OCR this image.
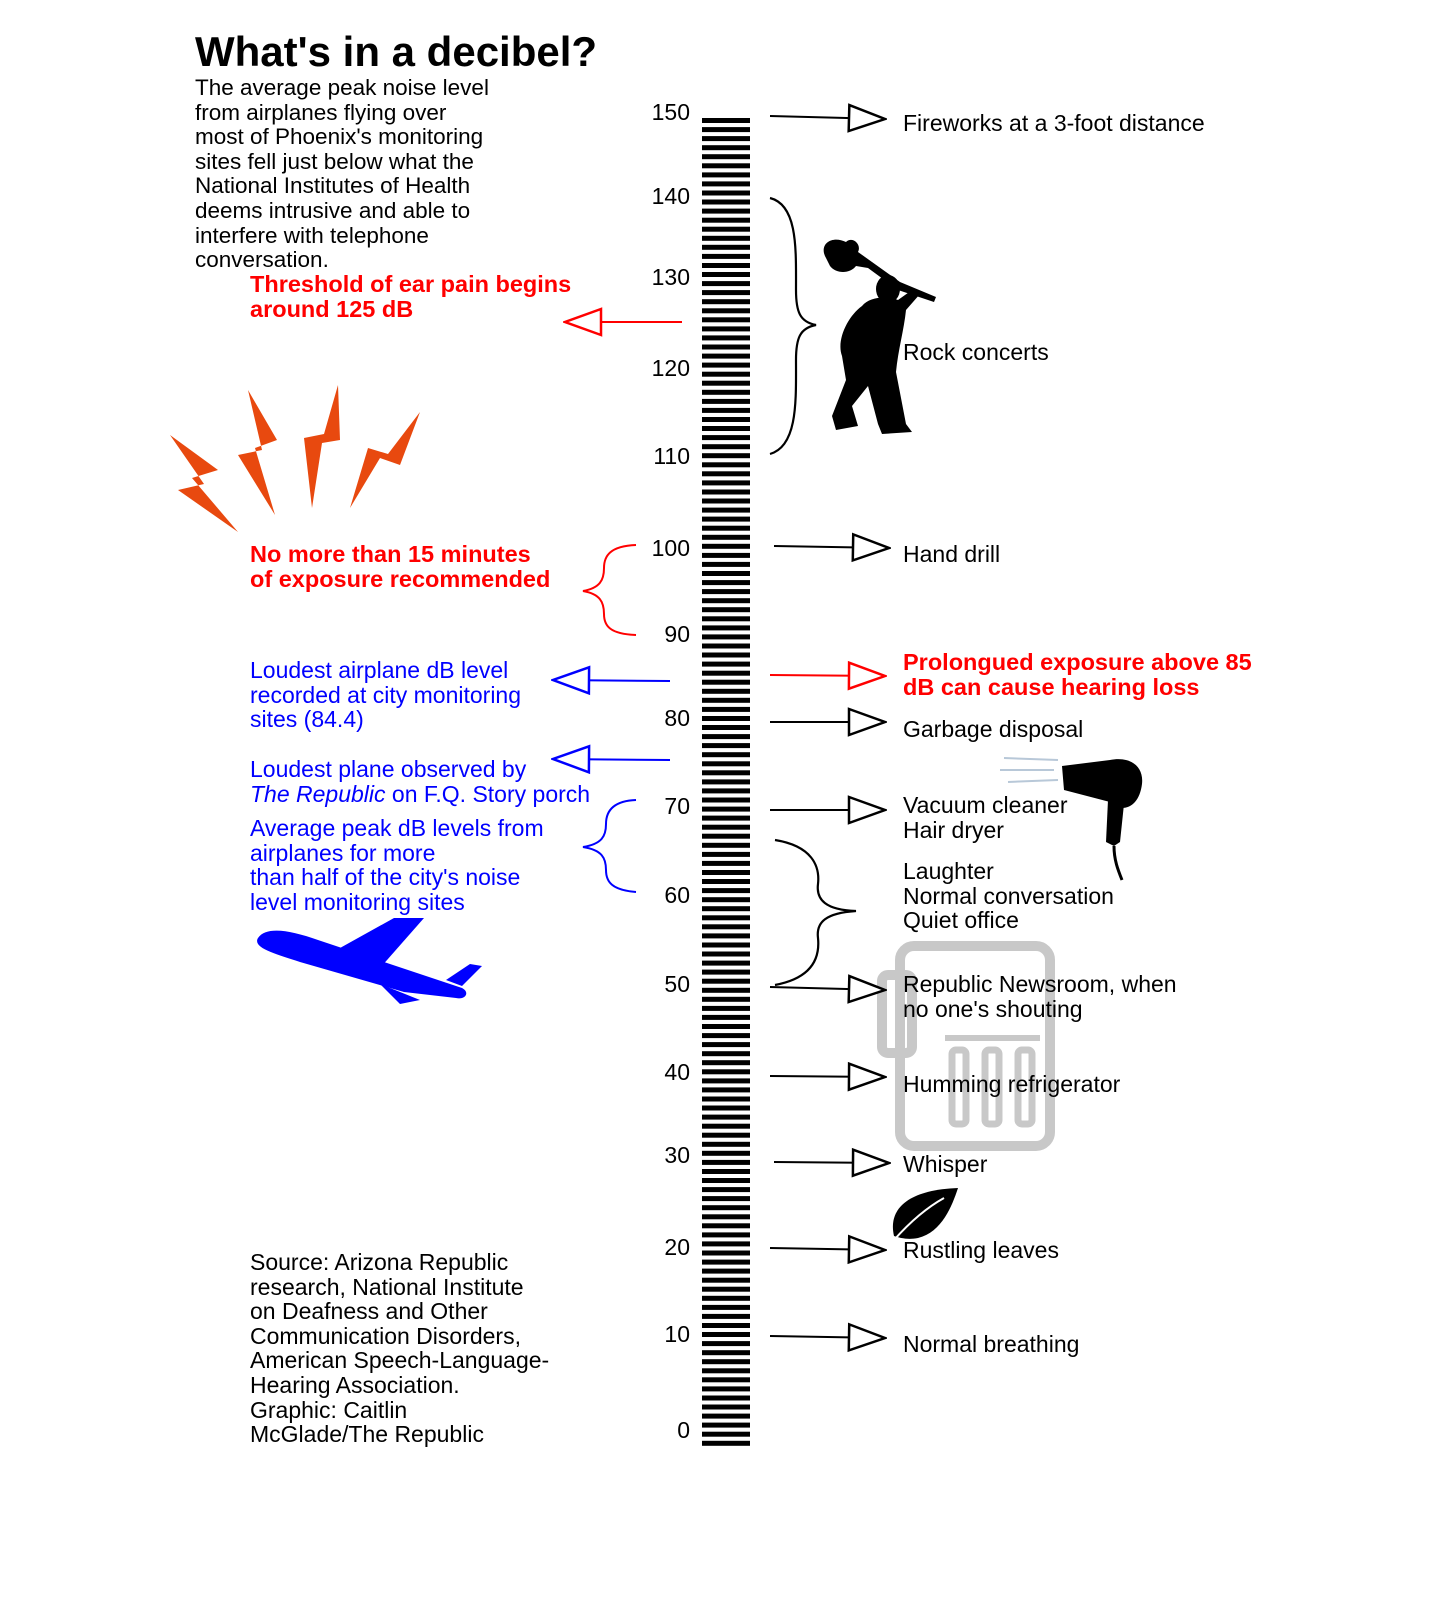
What's in a decibel?

The average peak noise level
from airplanes flying over
most of Phoenix's monitoring
sites fell just below what the
National Institutes of Health
deems intrusive and able to
interfere with telephone
conversation.

150
140
130
120
110
100
90
80
70
60
50
40
30
20
10
0

Threshold of ear pain begins
around 125 dB

No more than 15 minutes
of exposure recommended

Prolongued exposure above 85
dB can cause hearing loss

Loudest airplane dB level
recorded at city monitoring
sites (84.4)

Loudest plane observed by
The Republic on F.Q. Story porch

Average peak dB levels from
airplanes for more
than half of the city's noise
level monitoring sites

Fireworks at a 3-foot distance

Rock concerts

Hand drill

Garbage disposal

Vacuum cleaner
Hair dryer

Laughter
Normal conversation
Quiet office

Republic Newsroom, when
no one's shouting

Humming refrigerator

Whisper

Rustling leaves

Normal breathing

Source: Arizona Republic
research, National Institute
on Deafness and Other
Communication Disorders,
American Speech-Language-
Hearing Association.
Graphic: Caitlin
McGlade/The Republic
